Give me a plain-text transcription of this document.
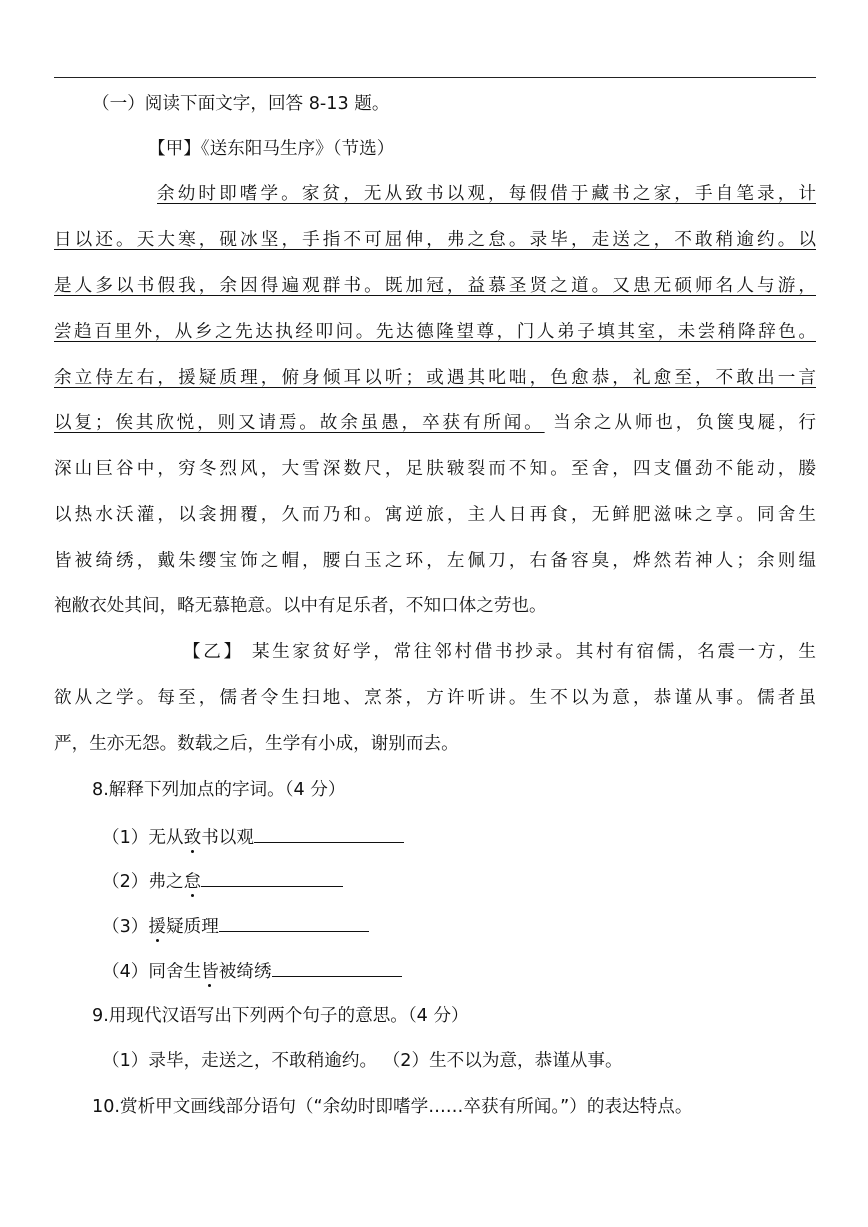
（一）阅读下面文字，回答 8-13 题。
【甲】《送东阳马生序》（节选）
余幼时即嗜学。家贫，无从致书以观，每假借于藏书之家，手自笔录，计
日以还。天大寒，砚冰坚，手指不可屈伸，弗之怠。录毕，走送之，不敢稍逾约。以
是人多以书假我，余因得遍观群书。既加冠，益慕圣贤之道。又患无硕师名人与游，
尝趋百里外，从乡之先达执经叩问。先达德隆望尊，门人弟子填其室，未尝稍降辞色。
余立侍左右，援疑质理，俯身倾耳以听；或遇其叱咄，色愈恭，礼愈至，不敢出一言
以复；俟其欣悦，则又请焉。故余虽愚，卒获有所闻。 当余之从师也，负箧曳屣，行
深山巨谷中，穷冬烈风，大雪深数尺，足肤皲裂而不知。至舍，四支僵劲不能动，媵
以热水沃灌，以衾拥覆，久而乃和。寓逆旅，主人日再食，无鲜肥滋味之享。同舍生
皆被绮绣，戴朱缨宝饰之帽，腰白玉之环，左佩刀，右备容臭，烨然若神人；余则缊
袍敝衣处其间，略无慕艳意。以中有足乐者，不知口体之劳也。
【乙】 某生家贫好学，常往邻村借书抄录。其村有宿儒，名震一方，生
欲从之学。每至，儒者令生扫地、烹茶，方许听讲。生不以为意，恭谨从事。儒者虽
严，生亦无怨。数载之后，生学有小成，谢别而去。
8.解释下列加点的字词。（4 分）
（1）无从致书以观
（2）弗之怠
（3）援疑质理
（4）同舍生皆被绮绣
9.用现代汉语写出下列两个句子的意思。（4 分）
（1）录毕，走送之，不敢稍逾约。 （2）生不以为意，恭谨从事。
10.赏析甲文画线部分语句（“余幼时即嗜学……卒获有所闻。”）的表达特点。
